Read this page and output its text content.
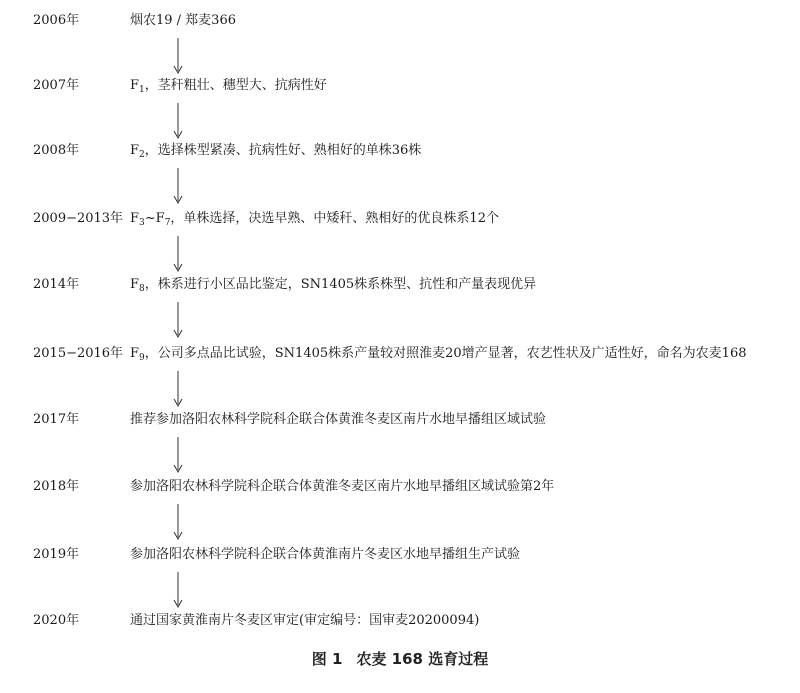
2006年	烟农19 / 郑麦366
2007年	$F_1$，茎秆粗壮、穗型大、抗病性好
2008年	$F_2$，选择株型紧凑、抗病性好、熟相好的单株36株
2009−2013年 $F_3\sim F_7$，单株选择，决选早熟、中矮秆、熟相好的优良株系12个
2014年	$F_8$，株系进行小区品比鉴定，SN1405株系株型、抗性和产量表现优异
2015−2016年 $F_9$，公司多点品比试验，SN1405株系产量较对照淮麦20增产显著，农艺性状及广适性好，命名为农麦168
2017年	推荐参加洛阳农林科学院科企联合体黄淮冬麦区南片水地早播组区域试验
2018年	参加洛阳农林科学院科企联合体黄淮冬麦区南片水地早播组区域试验第2年
2019年	参加洛阳农林科学院科企联合体黄淮南片冬麦区水地早播组生产试验
2020年	通过国家黄淮南片冬麦区审定(审定编号：国审麦20200094)
图 1 农麦 168 选育过程
